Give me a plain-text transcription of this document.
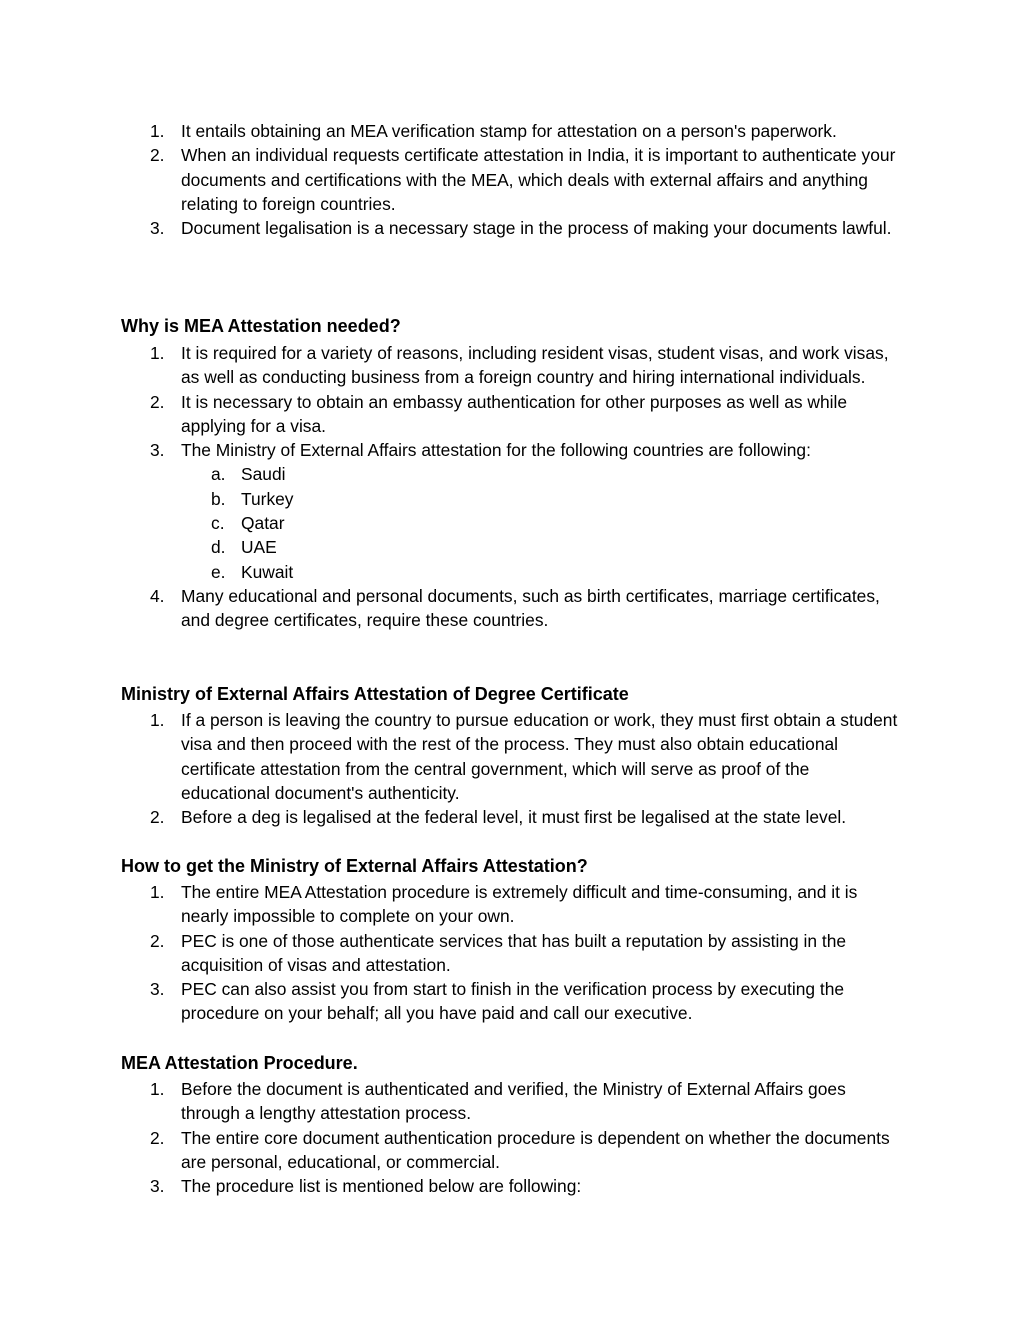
1. It entails obtaining an MEA verification stamp for attestation on a person's paperwork.
2. When an individual requests certificate attestation in India, it is important to authenticate your documents and certifications with the MEA, which deals with external affairs and anything relating to foreign countries.
3. Document legalisation is a necessary stage in the process of making your documents lawful.
Why is MEA Attestation needed?
1. It is required for a variety of reasons, including resident visas, student visas, and work visas, as well as conducting business from a foreign country and hiring international individuals.
2. It is necessary to obtain an embassy authentication for other purposes as well as while applying for a visa.
3. The Ministry of External Affairs attestation for the following countries are following:
a. Saudi
b. Turkey
c. Qatar
d. UAE
e. Kuwait
4. Many educational and personal documents, such as birth certificates, marriage certificates, and degree certificates, require these countries.
Ministry of External Affairs Attestation of Degree Certificate
1. If a person is leaving the country to pursue education or work, they must first obtain a student visa and then proceed with the rest of the process. They must also obtain educational certificate attestation from the central government, which will serve as proof of the educational document's authenticity.
2. Before a deg is legalised at the federal level, it must first be legalised at the state level.
How to get the Ministry of External Affairs Attestation?
1. The entire MEA Attestation procedure is extremely difficult and time-consuming, and it is nearly impossible to complete on your own.
2. PEC is one of those authenticate services that has built a reputation by assisting in the acquisition of visas and attestation.
3. PEC can also assist you from start to finish in the verification process by executing the procedure on your behalf; all you have paid and call our executive.
MEA Attestation Procedure.
1. Before the document is authenticated and verified, the Ministry of External Affairs goes through a lengthy attestation process.
2. The entire core document authentication procedure is dependent on whether the documents are personal, educational, or commercial.
3. The procedure list is mentioned below are following:
